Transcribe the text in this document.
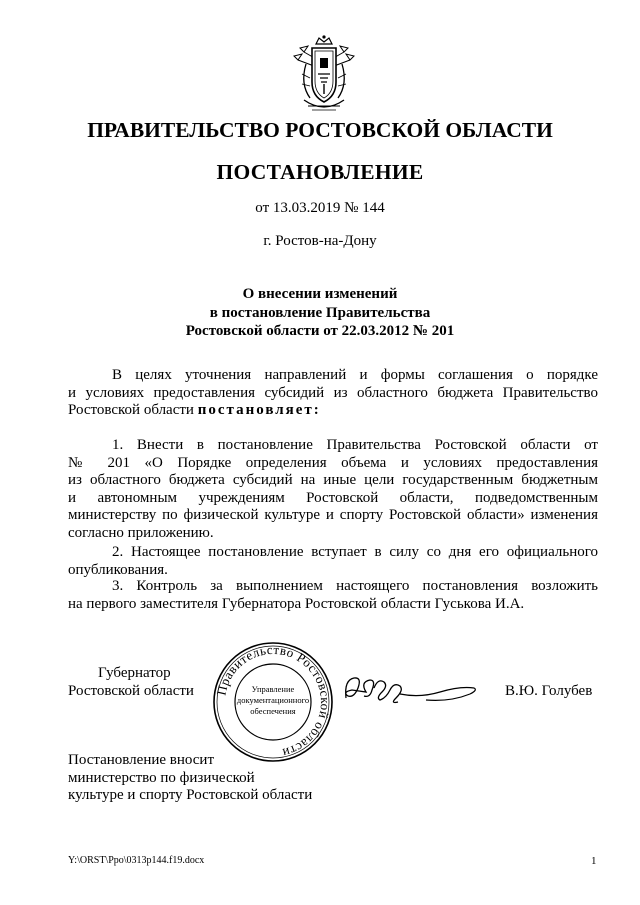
ПРАВИТЕЛЬСТВО РОСТОВСКОЙ ОБЛАСТИ
ПОСТАНОВЛЕНИЕ
от 13.03.2019 № 144
г. Ростов-на-Дону
О внесении изменений
в постановление Правительства
Ростовской области от 22.03.2012 № 201
В целях уточнения направлений и формы соглашения о порядке
и условиях предоставления субсидий из областного бюджета Правительство
Ростовской области постановляет:
1. Внести в постановление Правительства Ростовской области от
№ 201 «О Порядке определения объема и условиях предоставления
из областного бюджета субсидий на иные цели государственным бюджетным
и автономным учреждениям Ростовской области, подведомственным
министерству по физической культуре и спорту Ростовской области» изменения
согласно приложению.
2. Настоящее постановление вступает в силу со дня его официального
опубликования.
3. Контроль за выполнением настоящего постановления возложить
на первого заместителя Губернатора Ростовской области Гуськова И.А.
Губернатор
Ростовской области Правительство Ростовской области
Управление
документационного
обеспечения
В.Ю. Голубев
Постановление вносит
министерство по физической
культуре и спорту Ростовской области
Y:\ORST\Ppo\0313p144.f19.docx	1
